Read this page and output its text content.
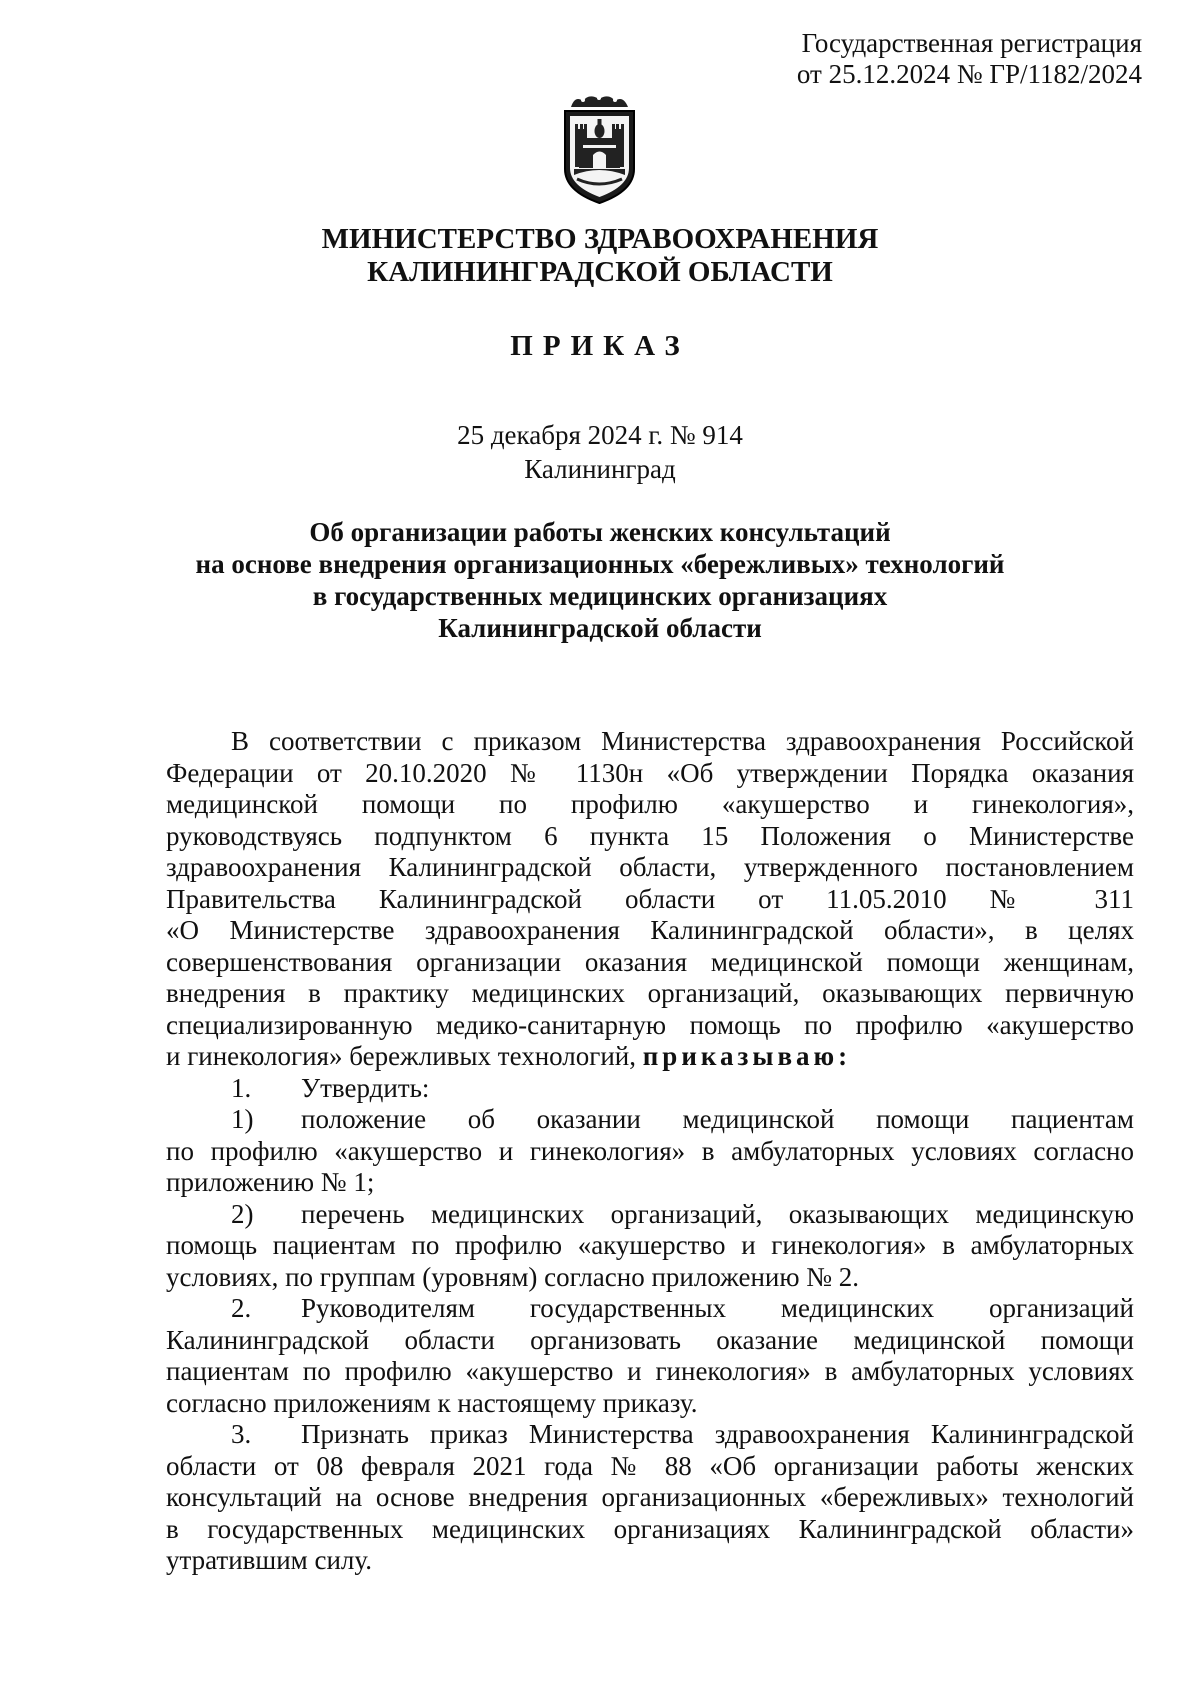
Государственная регистрация
от 25.12.2024 № ГР/1182/2024
МИНИСТЕРСТВО ЗДРАВООХРАНЕНИЯ
КАЛИНИНГРАДСКОЙ ОБЛАСТИ
ПРИКАЗ
25 декабря 2024 г. № 914
Калининград
Об организации работы женских консультаций
на основе внедрения организационных «бережливых» технологий
в государственных медицинских организациях
Калининградской области
В соответствии с приказом Министерства здравоохранения Российской
Федерации от 20.10.2020 № 1130н «Об утверждении Порядка оказания
медицинской помощи по профилю «акушерство и гинекология»,
руководствуясь подпунктом 6 пункта 15 Положения о Министерстве
здравоохранения Калининградской области, утвержденного постановлением
Правительства Калининградской области от 11.05.2010 № 311
«О Министерстве здравоохранения Калининградской области», в целях
совершенствования организации оказания медицинской помощи женщинам,
внедрения в практику медицинских организаций, оказывающих первичную
специализированную медико-санитарную помощь по профилю «акушерство
и гинекология» бережливых технологий, приказываю:
1. Утвердить:
1) положение об оказании медицинской помощи пациентам
по профилю «акушерство и гинекология» в амбулаторных условиях согласно
приложению № 1;
2) перечень медицинских организаций, оказывающих медицинскую
помощь пациентам по профилю «акушерство и гинекология» в амбулаторных
условиях, по группам (уровням) согласно приложению № 2.
2. Руководителям государственных медицинских организаций
Калининградской области организовать оказание медицинской помощи
пациентам по профилю «акушерство и гинекология» в амбулаторных условиях
согласно приложениям к настоящему приказу.
3. Признать приказ Министерства здравоохранения Калининградской
области от 08 февраля 2021 года № 88 «Об организации работы женских
консультаций на основе внедрения организационных «бережливых» технологий
в государственных медицинских организациях Калининградской области»
утратившим силу.
